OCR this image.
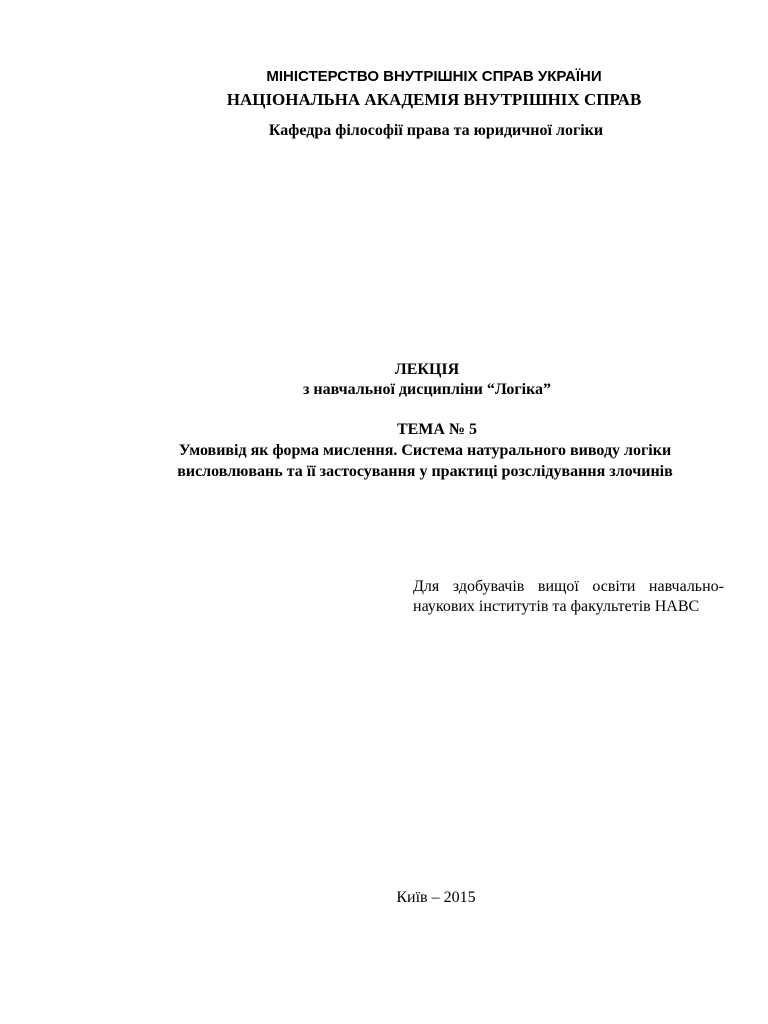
МІНІСТЕРСТВО ВНУТРІШНІХ СПРАВ УКРАЇНИ
НАЦІОНАЛЬНА АКАДЕМІЯ ВНУТРІШНІХ СПРАВ
Кафедра філософії права та юридичної логіки
ЛЕКЦІЯ
з навчальної дисципліни “Логіка”
ТЕМА № 5
Умовивід як форма мислення. Система натурального виводу логіки висловлювань та її застосування у практиці розслідування злочинів
Для здобувачів вищої освіти навчально-наукових інститутів та факультетів НАВС
Київ – 2015
